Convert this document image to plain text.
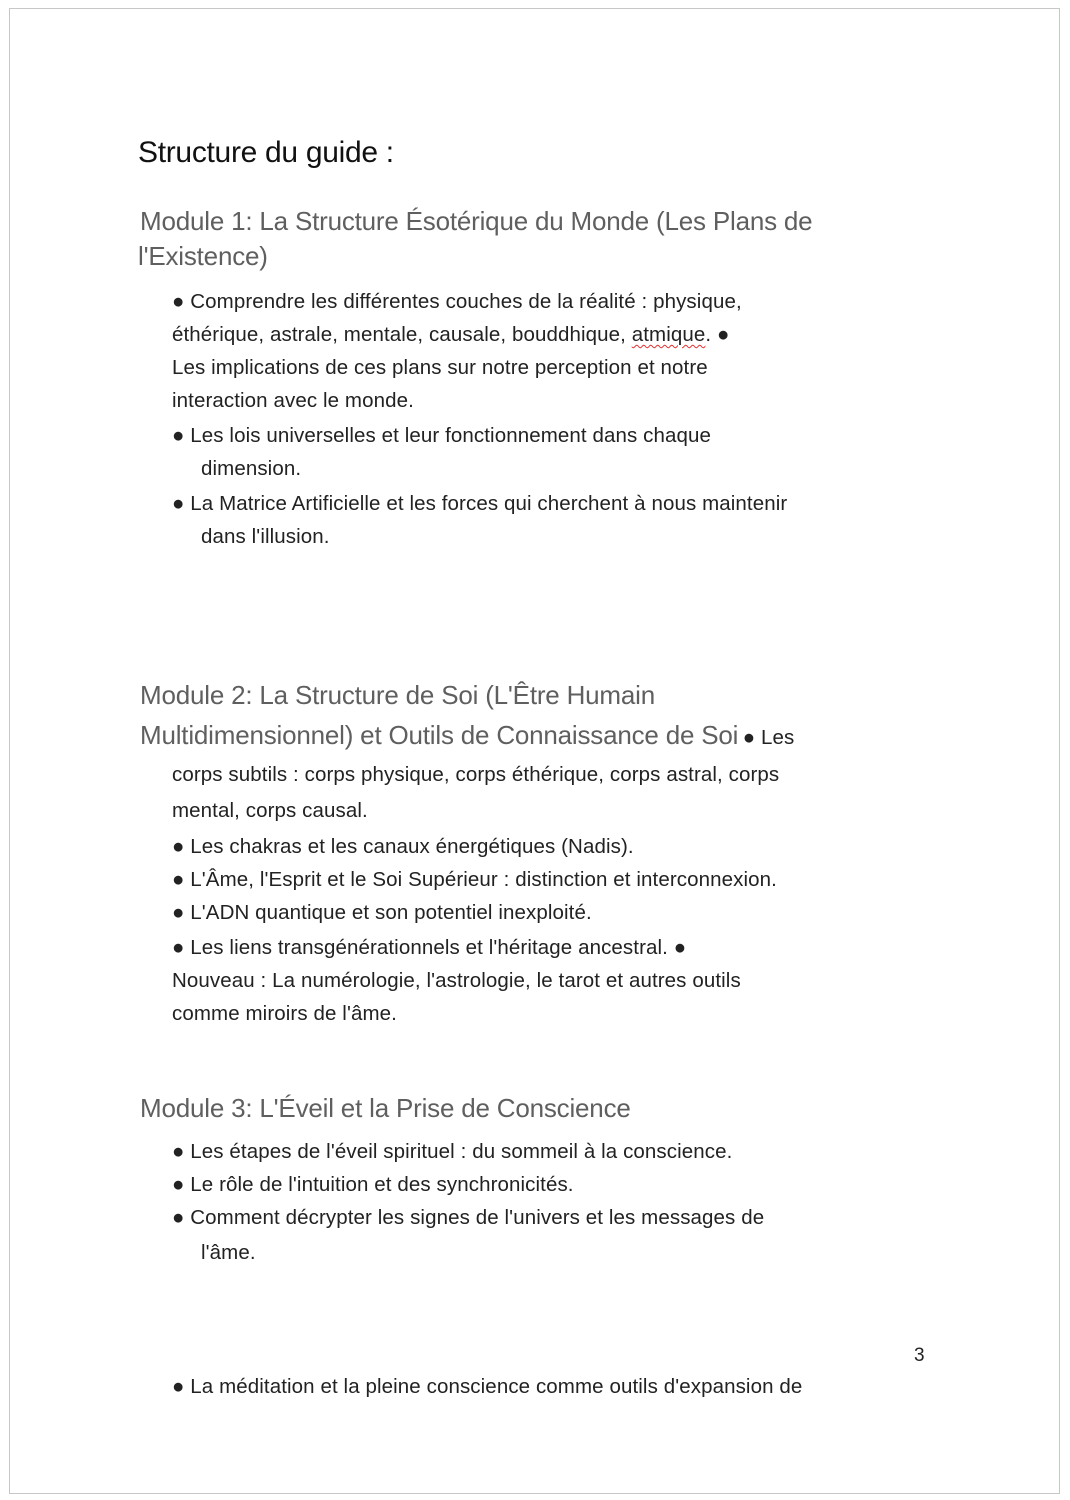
Structure du guide :
Module 1: La Structure Ésotérique du Monde (Les Plans de
l'Existence)
● Comprendre les différentes couches de la réalité : physique,
éthérique, astrale, mentale, causale, bouddhique, atmique. ●
Les implications de ces plans sur notre perception et notre
interaction avec le monde.
● Les lois universelles et leur fonctionnement dans chaque
dimension.
● La Matrice Artificielle et les forces qui cherchent à nous maintenir
dans l'illusion.
Module 2: La Structure de Soi (L'Être Humain
Multidimensionnel) et Outils de Connaissance de Soi ● Les
corps subtils : corps physique, corps éthérique, corps astral, corps
mental, corps causal.
● Les chakras et les canaux énergétiques (Nadis).
● L'Âme, l'Esprit et le Soi Supérieur : distinction et interconnexion.
● L'ADN quantique et son potentiel inexploité.
● Les liens transgénérationnels et l'héritage ancestral. ●
Nouveau : La numérologie, l'astrologie, le tarot et autres outils
comme miroirs de l'âme.
Module 3: L'Éveil et la Prise de Conscience
● Les étapes de l'éveil spirituel : du sommeil à la conscience.
● Le rôle de l'intuition et des synchronicités.
● Comment décrypter les signes de l'univers et les messages de
l'âme.
3
● La méditation et la pleine conscience comme outils d'expansion de
